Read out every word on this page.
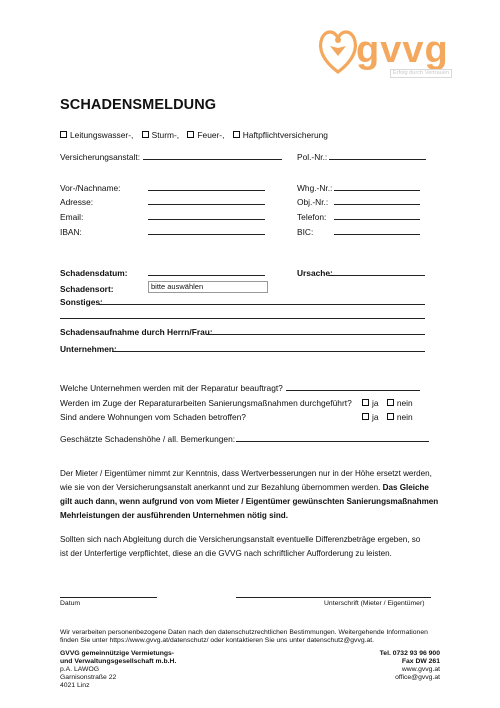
gvvg
Erfolg durch Vertrauen
SCHADENSMELDUNG
Leitungswasser-, Sturm-, Feuer-, Haftpflichtversicherung
Versicherungsanstalt:	Pol.-Nr.:
Vor-/Nachname:	Whg.-Nr.:
Adresse:	Obj.-Nr.:
Email:	Telefon:
IBAN:	BIC:
Schadensdatum:	Ursache:
Schadensort:	bitte auswählen
Sonstiges:
Schadensaufnahme durch Herrn/Frau:
Unternehmen:
Welche Unternehmen werden mit der Reparatur beauftragt?
Werden im Zuge der Reparaturarbeiten Sanierungsmaßnahmen durchgeführt?	ja nein
Sind andere Wohnungen vom Schaden betroffen?	ja nein
Geschätzte Schadenshöhe / all. Bemerkungen:
Der Mieter / Eigentümer nimmt zur Kenntnis, dass Wertverbesserungen nur in der Höhe ersetzt werden,
wie sie von der Versicherungsanstalt anerkannt und zur Bezahlung übernommen werden. Das Gleiche
gilt auch dann, wenn aufgrund von vom Mieter / Eigentümer gewünschten Sanierungsmaßnahmen
Mehrleistungen der ausführenden Unternehmen nötig sind.
Sollten sich nach Abgleitung durch die Versicherungsanstalt eventuelle Differenzbeträge ergeben, so
ist der Unterfertige verpflichtet, diese an die GVVG nach schriftlicher Aufforderung zu leisten.
Datum	Unterschrift (Mieter / Eigentümer)
Wir verarbeiten personenbezogene Daten nach den datenschutzrechtlichen Bestimmungen. Weitergehende Informationen
finden Sie unter https://www.gvvg.at/datenschutz/ oder kontaktieren Sie uns unter datenschutz@gvvg.at.
GVVG gemeinnützige Vermietungs-
und Verwaltungsgesellschaft m.b.H.
p.A. LAWOG
Garnisonstraße 22
4021 Linz
Tel. 0732 93 96 900
Fax DW 261
www.gvvg.at
office@gvvg.at
